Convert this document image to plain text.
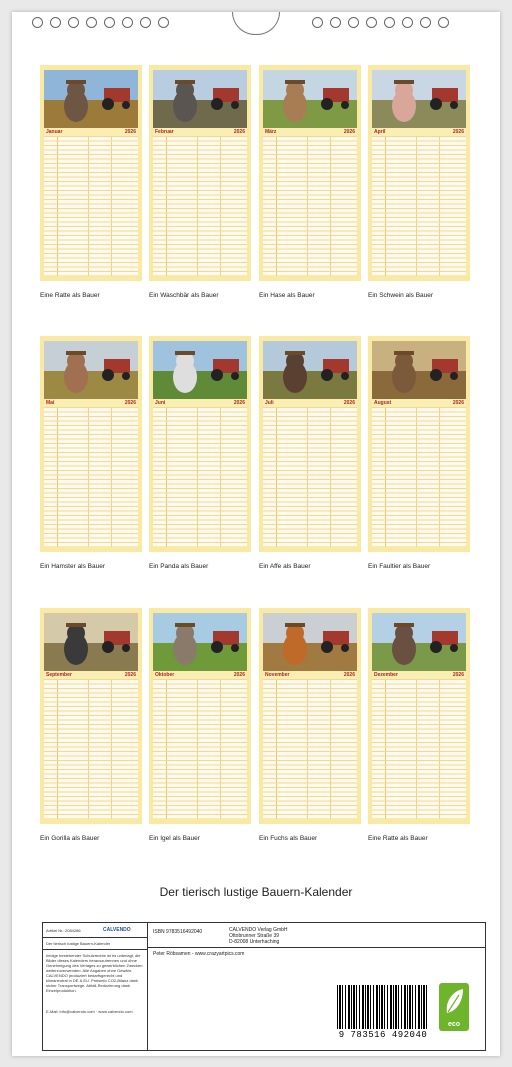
Januar	2026
Eine Ratte als Bauer
Februar	2026
Ein Waschbär als Bauer
März	2026
Ein Hase als Bauer
April	2026
Ein Schwein als Bauer
Mai	2026
Ein Hamster als Bauer
Juni	2026
Ein Panda als Bauer
Juli	2026
Ein Affe als Bauer
August	2026
Ein Faultier als Bauer
September	2026
Ein Gorilla als Bauer
Oktober	2026
Ein Igel als Bauer
November	2026
Ein Fuchs als Bauer
Dezember	2026
Eine Ratte als Bauer
Der tierisch lustige Bauern-Kalender
Artikel Nr.: 2084286	CALVENDO
Der tierisch lustige Bauern-Kalender
Infolge bestehender Schutzrechte ist es unterlagt, die Bilder dieses Kalenders herauszutrennen und ohne Genehmigung des Verlages zu gewerblichen Zwecken weiterzuverwenden. Alle Angaben ohne Gewähr. CALVENDO produziert bedarfsgerecht und klimaneutral in DE & EU. Preisinfo CO2-Bilanz dank sicher Transportwege. Abfall-Reduzierung dank Einzelproduktion.
E-Mail: info@calvendo.com · www.calvendo.com
ISBN 9783516492040	CALVENDO Verlag GmbH
Ottobrunner Straße 39
D-82008 Unterhaching
Peter Röbsamen - www.crazyartpics.com
9 783516 492040
eco
